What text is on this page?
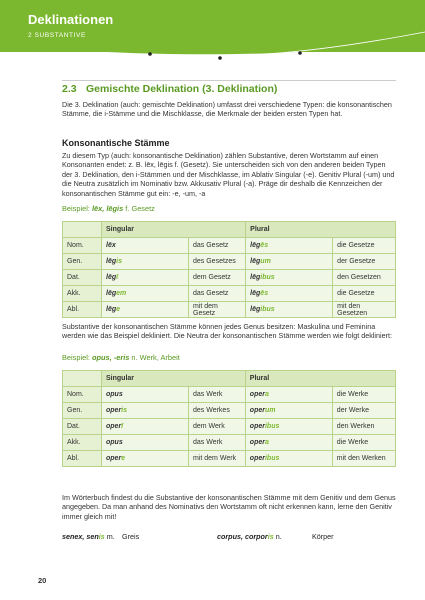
Deklinationen
2 SUBSTANTIVE
2.3 Gemischte Deklination (3. Deklination)
Die 3. Deklination (auch: gemischte Deklination) umfasst drei verschiedene Typen: die konsonantischen Stämme, die i-Stämme und die Mischklasse, die Merkmale der beiden ersten Typen hat.
Konsonantische Stämme
Zu diesem Typ (auch: konsonantische Deklination) zählen Substantive, deren Wortstamm auf einen Konsonanten endet: z. B. lēx, lēgis f. (Gesetz). Sie unterscheiden sich von den anderen beiden Typen der 3. Deklination, den i-Stämmen und der Mischklasse, im Ablativ Singular (-e). Genitiv Plural (-um) und die Neutra zusätzlich im Nominativ bzw. Akkusativ Plural (-a). Präge dir deshalb die Kennzeichen der konsonantischen Stämme gut ein: -e, -um, -a
Beispiel: lēx, lēgis f. Gesetz
	Singular		Plural	
Nom.	lēx	das Gesetz	lēgēs	die Gesetze
Gen.	lēgis	des Gesetzes	lēgum	der Gesetze
Dat.	lēgī	dem Gesetz	lēgibus	den Gesetzen
Akk.	lēgem	das Gesetz	lēgēs	die Gesetze
Abl.	lēge	mit dem Gesetz	lēgibus	mit den Gesetzen
Substantive der konsonantischen Stämme können jedes Genus besitzen: Maskulina und Feminina werden wie das Beispiel dekliniert. Die Neutra der konsonantischen Stämme werden wie folgt dekliniert:
Beispiel: opus, -eris n. Werk, Arbeit
	Singular		Plural	
Nom.	opus	das Werk	opera	die Werke
Gen.	operis	des Werkes	operum	der Werke
Dat.	operī	dem Werk	operibus	den Werken
Akk.	opus	das Werk	opera	die Werke
Abl.	opere	mit dem Werk	operibus	mit den Werken
Im Wörterbuch findest du die Substantive der konsonantischen Stämme mit dem Genitiv und dem Genus angegeben. Da man anhand des Nominativs den Wortstamm oft nicht erkennen kann, lerne den Genitiv immer gleich mit!
senex, senis m. Greis	corpus, corporis n.	Körper
20
